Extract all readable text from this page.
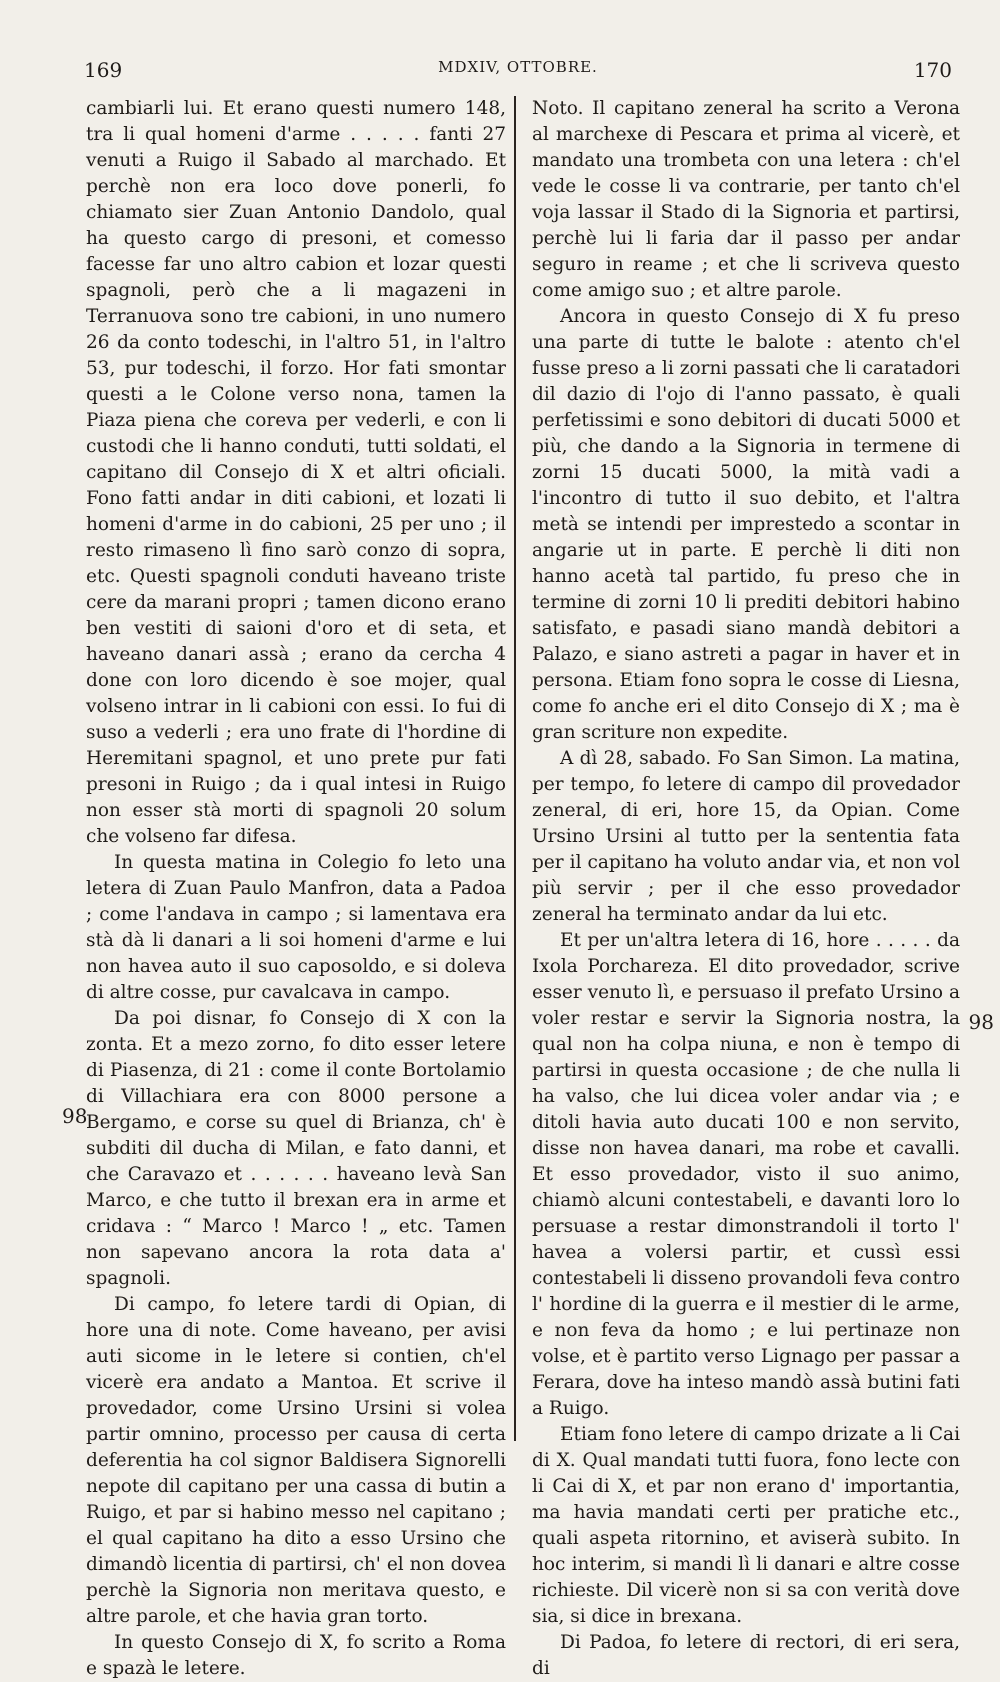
169	MDXIV, OTTOBRE.	170
98
98

cambiarli lui. Et erano questi numero 148, tra li qual homeni d'arme . . . . . fanti 27 venuti a Ruigo il Sabado al marchado. Et perchè non era loco dove ponerli, fo chiamato sier Zuan Antonio Dandolo, qual ha questo cargo di presoni, et comesso facesse far uno altro cabion et lozar questi spagnoli, però che a li magazeni in Terranuova sono tre cabioni, in uno numero 26 da conto todeschi, in l'altro 51, in l'altro 53, pur todeschi, il forzo. Hor fati smontar questi a le Colone verso nona, tamen la Piaza piena che coreva per vederli, e con li custodi che li hanno conduti, tutti soldati, el capitano dil Consejo di X et altri oficiali. Fono fatti andar in diti cabioni, et lozati li homeni d'arme in do cabioni, 25 per uno ; il resto rimaseno lì fino sarò conzo di sopra, etc. Questi spagnoli conduti haveano triste cere da marani propri ; tamen dicono erano ben vestiti di saioni d'oro et di seta, et haveano danari assà ; erano da cercha 4 done con loro dicendo è soe mojer, qual volseno intrar in li cabioni con essi. Io fui di suso a vederli ; era uno frate di l'hordine di Heremitani spagnol, et uno prete pur fati presoni in Ruigo ; da i qual intesi in Ruigo non esser stà morti di spagnoli 20 solum che volseno far difesa.

In questa matina in Colegio fo leto una letera di Zuan Paulo Manfron, data a Padoa ; come l'andava in campo ; si lamentava era stà dà li danari a li soi homeni d'arme e lui non havea auto il suo caposoldo, e si doleva di altre cosse, pur cavalcava in campo.

Da poi disnar, fo Consejo di X con la zonta. Et a mezo zorno, fo dito esser letere di Piasenza, di 21 : come il conte Bortolamio di Villachiara era con 8000 persone a Bergamo, e corse su quel di Brianza, ch' è subditi dil ducha di Milan, e fato danni, et che Caravazo et . . . . . . haveano levà San Marco, e che tutto il brexan era in arme et cridava : “ Marco ! Marco ! „ etc. Tamen non sapevano ancora la rota data a' spagnoli.

Di campo, fo letere tardi di Opian, di hore una di note. Come haveano, per avisi auti sicome in le letere si contien, ch'el vicerè era andato a Mantoa. Et scrive il provedador, come Ursino Ursini si volea partir omnino, processo per causa di certa deferentia ha col signor Baldisera Signorelli nepote dil capitano per una cassa di butin a Ruigo, et par si habino messo nel capitano ; el qual capitano ha dito a esso Ursino che dimandò licentia di partirsi, ch' el non dovea perchè la Signoria non meritava questo, e altre parole, et che havia gran torto.

In questo Consejo di X, fo scrito a Roma e spazà le letere.

Noto. Il capitano zeneral ha scrito a Verona al marchexe di Pescara et prima al vicerè, et mandato una trombeta con una letera : ch'el vede le cosse li va contrarie, per tanto ch'el voja lassar il Stado di la Signoria et partirsi, perchè lui li faria dar il passo per andar seguro in reame ; et che li scriveva questo come amigo suo ; et altre parole.

Ancora in questo Consejo di X fu preso una parte di tutte le balote : atento ch'el fusse preso a li zorni passati che li caratadori dil dazio di l'ojo di l'anno passato, è quali perfetissimi e sono debitori di ducati 5000 et più, che dando a la Signoria in termene di zorni 15 ducati 5000, la mità vadi a l'incontro di tutto il suo debito, et l'altra metà se intendi per imprestedo a scontar in angarie ut in parte. E perchè li diti non hanno acetà tal partido, fu preso che in termine di zorni 10 li prediti debitori habino satisfato, e pasadi siano mandà debitori a Palazo, e siano astreti a pagar in haver et in persona. Etiam fono sopra le cosse di Liesna, come fo anche eri el dito Consejo di X ; ma è gran scriture non expedite.

A dì 28, sabado. Fo San Simon. La matina, per tempo, fo letere di campo dil provedador zeneral, di eri, hore 15, da Opian. Come Ursino Ursini al tutto per la sententia fata per il capitano ha voluto andar via, et non vol più servir ; per il che esso provedador zeneral ha terminato andar da lui etc.

Et per un'altra letera di 16, hore . . . . . da Ixola Porchareza. El dito provedador, scrive esser venuto lì, e persuaso il prefato Ursino a voler restar e servir la Signoria nostra, la qual non ha colpa niuna, e non è tempo di partirsi in questa occasione ; de che nulla li ha valso, che lui dicea voler andar via ; e ditoli havia auto ducati 100 e non servito, disse non havea danari, ma robe et cavalli. Et esso provedador, visto il suo animo, chiamò alcuni contestabeli, e davanti loro lo persuase a restar dimonstrandoli il torto l' havea a volersi partir, et cussì essi contestabeli li disseno provandoli feva contro l' hordine di la guerra e il mestier di le arme, e non feva da homo ; e lui pertinaze non volse, et è partito verso Lignago per passar a Ferara, dove ha inteso mandò assà butini fati a Ruigo.

Etiam fono letere di campo drizate a li Cai di X. Qual mandati tutti fuora, fono lecte con li Cai di X, et par non erano d' importantia, ma havia mandati certi per pratiche etc., quali aspeta ritornino, et aviserà subito. In hoc interim, si mandi lì li danari e altre cosse richieste. Dil vicerè non si sa con verità dove sia, si dice in brexana.

Di Padoa, fo letere di rectori, di eri sera, di
